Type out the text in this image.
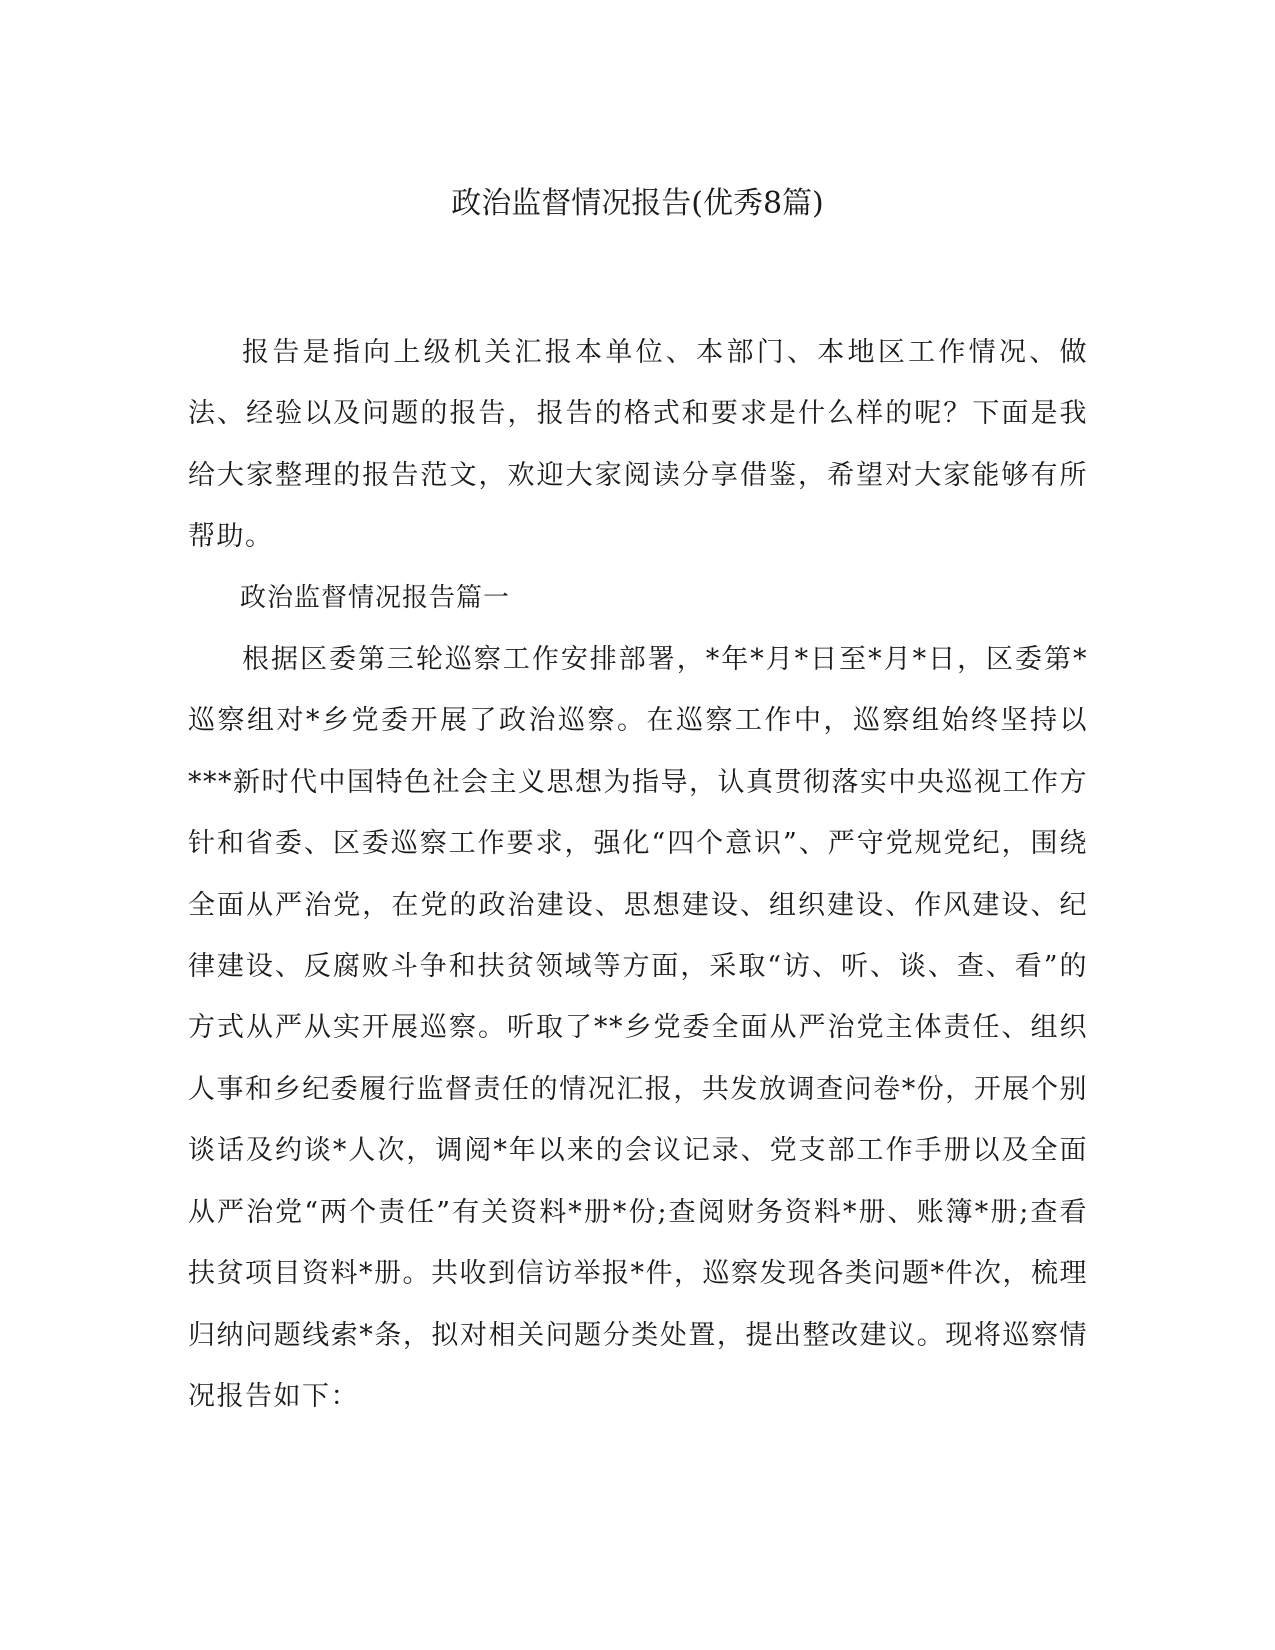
政治监督情况报告(优秀8篇)

报告是指向上级机关汇报本单位、本部门、本地区工作情况、做法、经验以及问题的报告，报告的格式和要求是什么样的呢？下面是我给大家整理的报告范文，欢迎大家阅读分享借鉴，希望对大家能够有所帮助。

政治监督情况报告篇一

根据区委第三轮巡察工作安排部署，*年*月*日至*月*日，区委第*巡察组对*乡党委开展了政治巡察。在巡察工作中，巡察组始终坚持以***新时代中国特色社会主义思想为指导，认真贯彻落实中央巡视工作方针和省委、区委巡察工作要求，强化“四个意识”、严守党规党纪，围绕全面从严治党，在党的政治建设、思想建设、组织建设、作风建设、纪律建设、反腐败斗争和扶贫领域等方面，采取“访、听、谈、查、看”的方式从严从实开展巡察。听取了**乡党委全面从严治党主体责任、组织人事和乡纪委履行监督责任的情况汇报，共发放调查问卷*份，开展个别谈话及约谈*人次，调阅*年以来的会议记录、党支部工作手册以及全面从严治党“两个责任”有关资料*册*份;查阅财务资料*册、账簿*册;查看扶贫项目资料*册。共收到信访举报*件，巡察发现各类问题*件次，梳理归纳问题线索*条，拟对相关问题分类处置，提出整改建议。现将巡察情况报告如下：
